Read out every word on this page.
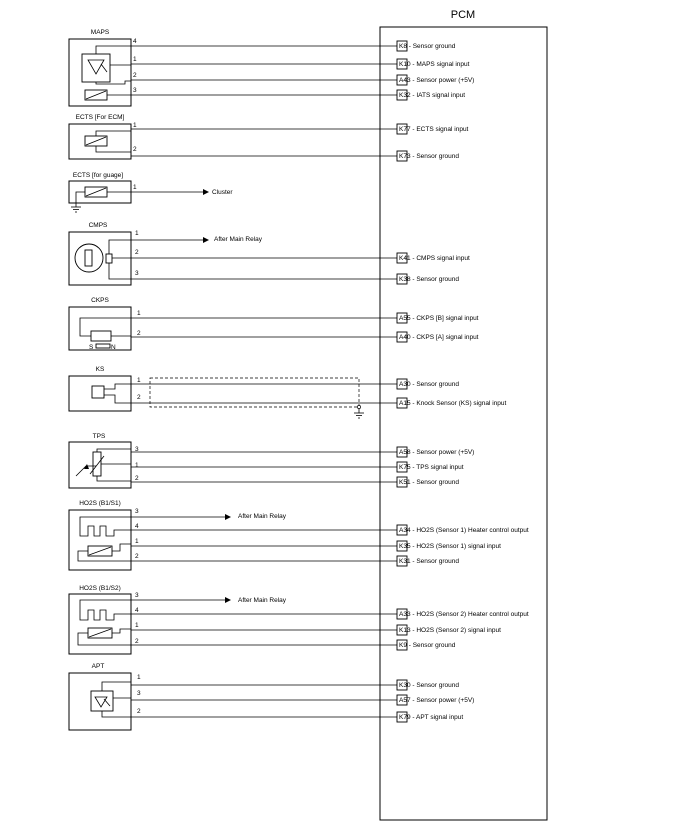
PCM
MAPS
4
1
2
3
K8 - Sensor ground
K10 - MAPS signal input
A43 - Sensor power (+5V)
K32 - IATS signal input
ECTS [For ECM]
1
2
K77 - ECTS signal input
K73 - Sensor ground
ECTS [for guage]
1
Cluster
CMPS
1
2
3
After Main Relay
K41 - CMPS signal input
K38 - Sensor ground
CKPS
S	N
1
2
A55 - CKPS [B] signal input
A40 - CKPS [A] signal input
KS
1
2
A30 - Sensor ground
A15 - Knock Sensor (KS) signal input
TPS
3
1
2
A58 - Sensor power (+5V)
K75 - TPS signal input
K51 - Sensor ground
HO2S (B1/S1)
3
4
1
2
After Main Relay
A34 - HO2S (Sensor 1) Heater control output
K35 - HO2S (Sensor 1) signal input
K31 - Sensor ground
HO2S (B1/S2)
3
4
1
2
After Main Relay
A33 - HO2S (Sensor 2) Heater control output
K13 - HO2S (Sensor 2) signal input
K9 - Sensor ground
APT
1
3
2
K30 - Sensor ground
A57 - Sensor power (+5V)
K79 - APT signal input
